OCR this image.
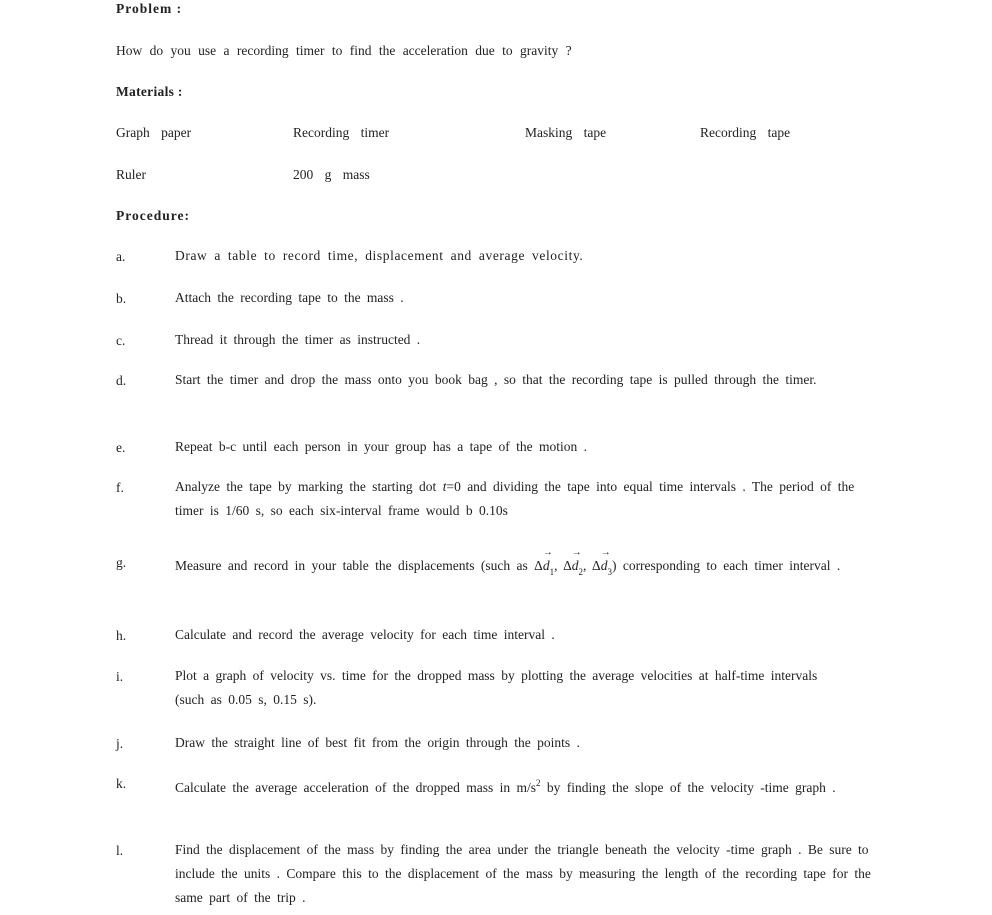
Problem :
How do you use a recording timer to find the acceleration due to gravity ?
Materials :
Graph paper	Recording timer	Masking tape	Recording tape
Ruler	200 g mass
Procedure:
a.	Draw a table to record time, displacement and average velocity.
b.	Attach the recording tape to the mass .
c.	Thread it through the timer as instructed .
d.	Start the timer and drop the mass onto you book bag , so that the recording tape is pulled through the timer.
e.	Repeat b-c until each person in your group has a tape of the motion .
f.	Analyze the tape by marking the starting dot t=0 and dividing the tape into equal time intervals . The period of the timer is 1/60 s, so each six-interval frame would b 0.10s
g.	Measure and record in your table the displacements (such as $\Delta\to d_1$, $\Delta\to d_2$, $\Delta\to d_3$) corresponding to each timer interval .
h.	Calculate and record the average velocity for each time interval .
i.	Plot a graph of velocity vs. time for the dropped mass by plotting the average velocities at half-time intervals (such as 0.05 s, 0.15 s).
j.	Draw the straight line of best fit from the origin through the points .
k.	Calculate the average acceleration of the dropped mass in $m/s^2$ by finding the slope of the velocity -time graph .
l.	Find the displacement of the mass by finding the area under the triangle beneath the velocity -time graph . Be sure to include the units . Compare this to the displacement of the mass by measuring the length of the recording tape for the same part of the trip .
